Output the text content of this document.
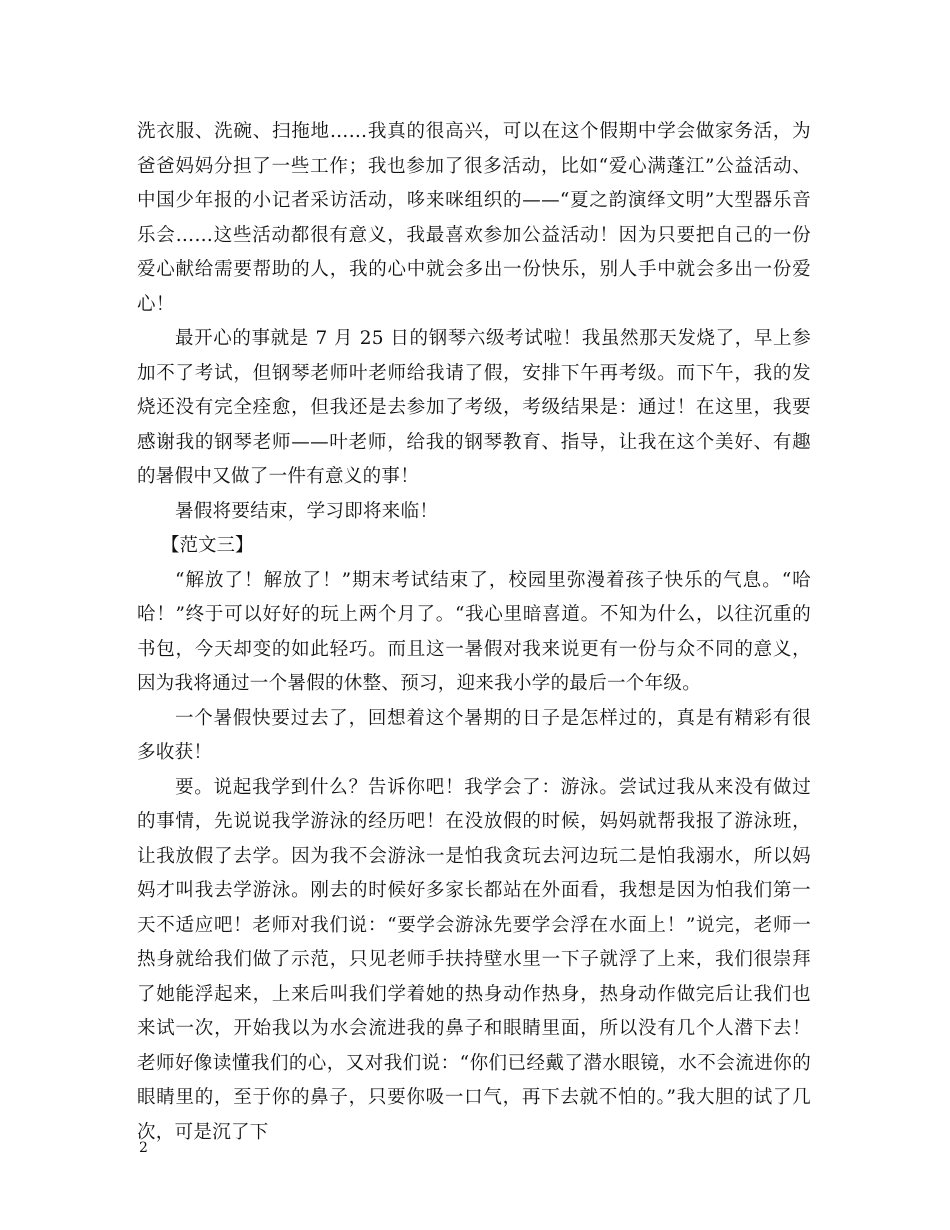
洗衣服、洗碗、扫拖地……我真的很高兴，可以在这个假期中学会做家务活，为爸爸妈妈分担了一些工作；我也参加了很多活动，比如“爱心满蓬江”公益活动、中国少年报的小记者采访活动，哆来咪组织的——“夏之韵演绎文明”大型器乐音乐会……这些活动都很有意义，我最喜欢参加公益活动！因为只要把自己的一份爱心献给需要帮助的人，我的心中就会多出一份快乐，别人手中就会多出一份爱心！

最开心的事就是 7 月 25 日的钢琴六级考试啦！我虽然那天发烧了，早上参加不了考试，但钢琴老师叶老师给我请了假，安排下午再考级。而下午，我的发烧还没有完全痊愈，但我还是去参加了考级，考级结果是：通过！在这里，我要感谢我的钢琴老师——叶老师，给我的钢琴教育、指导，让我在这个美好、有趣的暑假中又做了一件有意义的事！

暑假将要结束，学习即将来临！

【范文三】

“解放了！解放了！”期末考试结束了，校园里弥漫着孩子快乐的气息。“哈哈！”终于可以好好的玩上两个月了。“我心里暗喜道。不知为什么，以往沉重的书包，今天却变的如此轻巧。而且这一暑假对我来说更有一份与众不同的意义，因为我将通过一个暑假的休整、预习，迎来我小学的最后一个年级。

一个暑假快要过去了，回想着这个暑期的日子是怎样过的，真是有精彩有很多收获！

要。说起我学到什么？告诉你吧！我学会了：游泳。尝试过我从来没有做过的事情，先说说我学游泳的经历吧！在没放假的时候，妈妈就帮我报了游泳班，让我放假了去学。因为我不会游泳一是怕我贪玩去河边玩二是怕我溺水，所以妈妈才叫我去学游泳。刚去的时候好多家长都站在外面看，我想是因为怕我们第一天不适应吧！老师对我们说：“要学会游泳先要学会浮在水面上！”说完，老师一热身就给我们做了示范，只见老师手扶持壁水里一下子就浮了上来，我们很崇拜了她能浮起来，上来后叫我们学着她的热身动作热身，热身动作做完后让我们也来试一次，开始我以为水会流进我的鼻子和眼睛里面，所以没有几个人潜下去！老师好像读懂我们的心，又对我们说：“你们已经戴了潜水眼镜，水不会流进你的眼睛里的，至于你的鼻子，只要你吸一口气，再下去就不怕的。”我大胆的试了几次，可是沉了下

2
